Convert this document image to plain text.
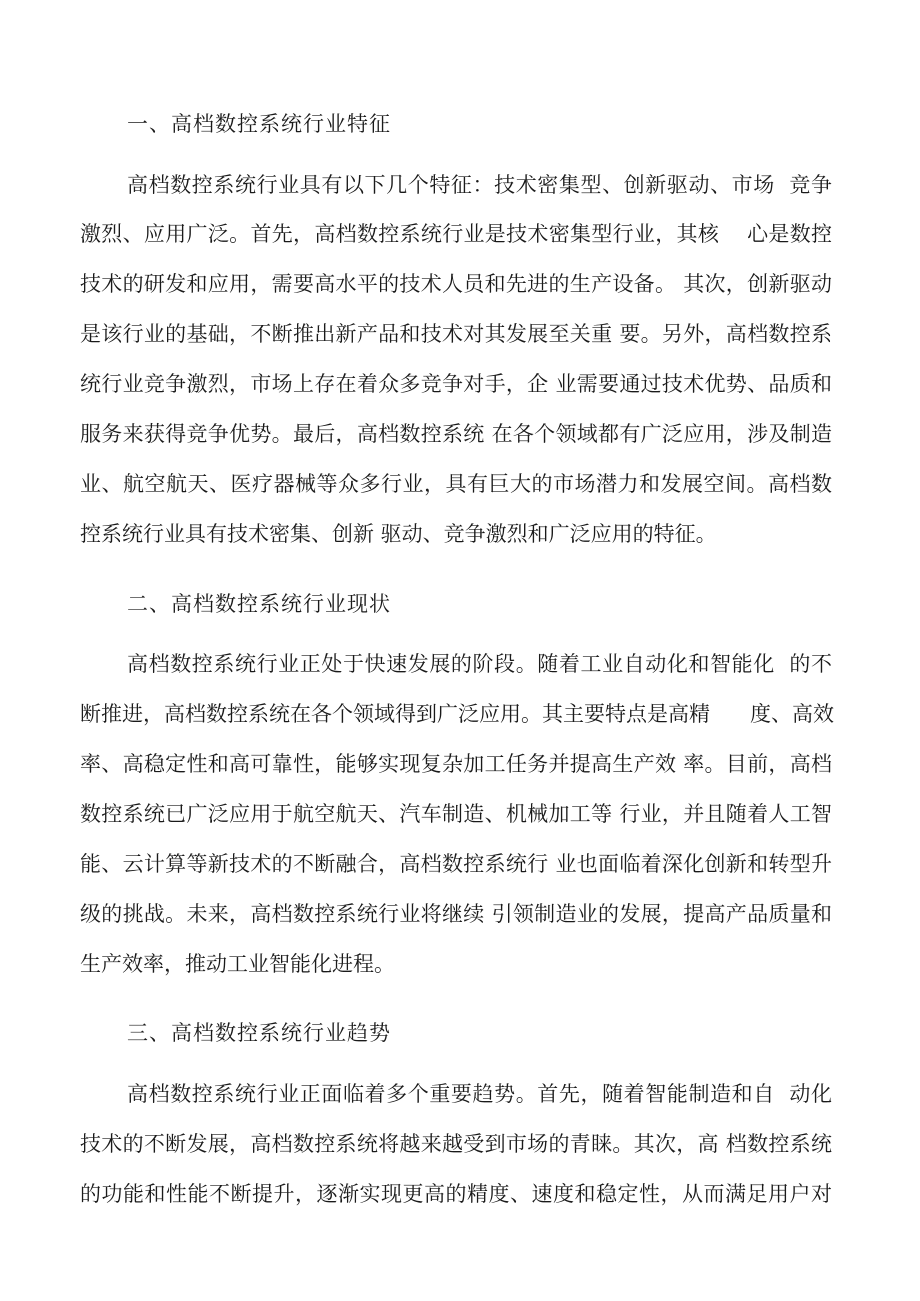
一、高档数控系统行业特征
高档数控系统行业具有以下几个特征：技术密集型、创新驱动、市场  竞争
激烈、应用广泛。首先，高档数控系统行业是技术密集型行业，其核    心是数控
技术的研发和应用，需要高水平的技术人员和先进的生产设备。 其次，创新驱动
是该行业的基础，不断推出新产品和技术对其发展至关重 要。另外，高档数控系
统行业竞争激烈，市场上存在着众多竞争对手，企 业需要通过技术优势、品质和
服务来获得竞争优势。最后，高档数控系统 在各个领域都有广泛应用，涉及制造
业、航空航天、医疗器械等众多行业，具有巨大的市场潜力和发展空间。高档数
控系统行业具有技术密集、创新 驱动、竞争激烈和广泛应用的特征。
二、高档数控系统行业现状
高档数控系统行业正处于快速发展的阶段。随着工业自动化和智能化  的不
断推进，高档数控系统在各个领域得到广泛应用。其主要特点是高精      度、高效
率、高稳定性和高可靠性，能够实现复杂加工任务并提高生产效 率。目前，高档
数控系统已广泛应用于航空航天、汽车制造、机械加工等 行业，并且随着人工智
能、云计算等新技术的不断融合，高档数控系统行 业也面临着深化创新和转型升
级的挑战。未来，高档数控系统行业将继续 引领制造业的发展，提高产品质量和
生产效率，推动工业智能化进程。
三、高档数控系统行业趋势
高档数控系统行业正面临着多个重要趋势。首先，随着智能制造和自  动化
技术的不断发展，高档数控系统将越来越受到市场的青睐。其次，高 档数控系统
的功能和性能不断提升，逐渐实现更高的精度、速度和稳定性，从而满足用户对
